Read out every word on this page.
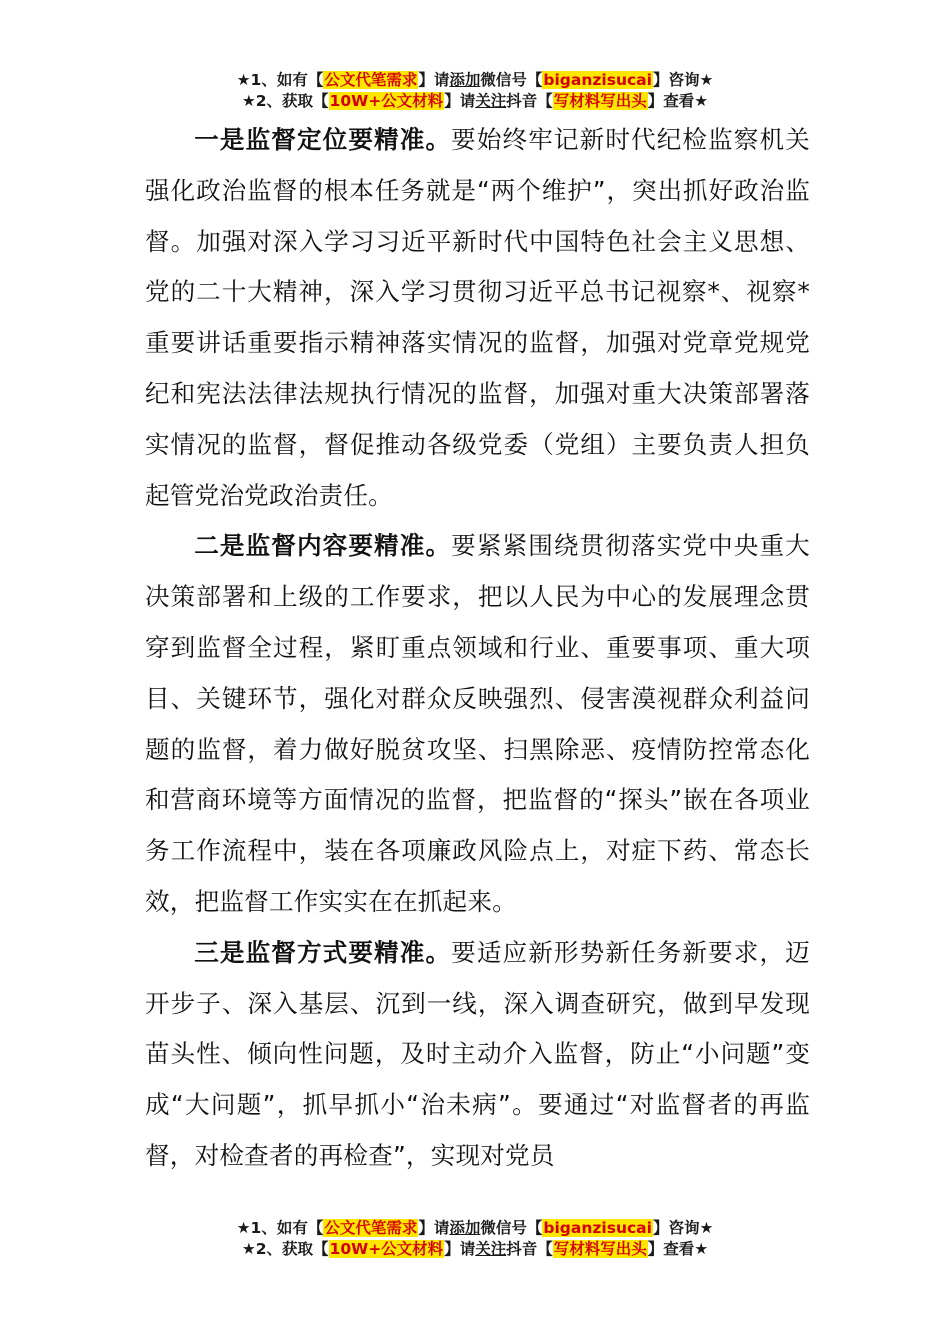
★1、如有【公文代笔需求】请添加微信号【biganzisucai】咨询★
★2、获取【10W+公文材料】请关注抖音【写材料写出头】查看★

一是监督定位要精准。要始终牢记新时代纪检监察机关强化政治监督的根本任务就是“两个维护”，突出抓好政治监督。加强对深入学习习近平新时代中国特色社会主义思想、党的二十大精神，深入学习贯彻习近平总书记视察*、视察*重要讲话重要指示精神落实情况的监督，加强对党章党规党纪和宪法法律法规执行情况的监督，加强对重大决策部署落实情况的监督，督促推动各级党委（党组）主要负责人担负起管党治党政治责任。

二是监督内容要精准。要紧紧围绕贯彻落实党中央重大决策部署和上级的工作要求，把以人民为中心的发展理念贯穿到监督全过程，紧盯重点领域和行业、重要事项、重大项目、关键环节，强化对群众反映强烈、侵害漠视群众利益问题的监督，着力做好脱贫攻坚、扫黑除恶、疫情防控常态化和营商环境等方面情况的监督，把监督的“探头”嵌在各项业务工作流程中，装在各项廉政风险点上，对症下药、常态长效，把监督工作实实在在抓起来。

三是监督方式要精准。要适应新形势新任务新要求，迈开步子、深入基层、沉到一线，深入调查研究，做到早发现苗头性、倾向性问题，及时主动介入监督，防止“小问题”变成“大问题”，抓早抓小“治未病”。要通过“对监督者的再监督，对检查者的再检查”，实现对党员

★1、如有【公文代笔需求】请添加微信号【biganzisucai】咨询★
★2、获取【10W+公文材料】请关注抖音【写材料写出头】查看★
